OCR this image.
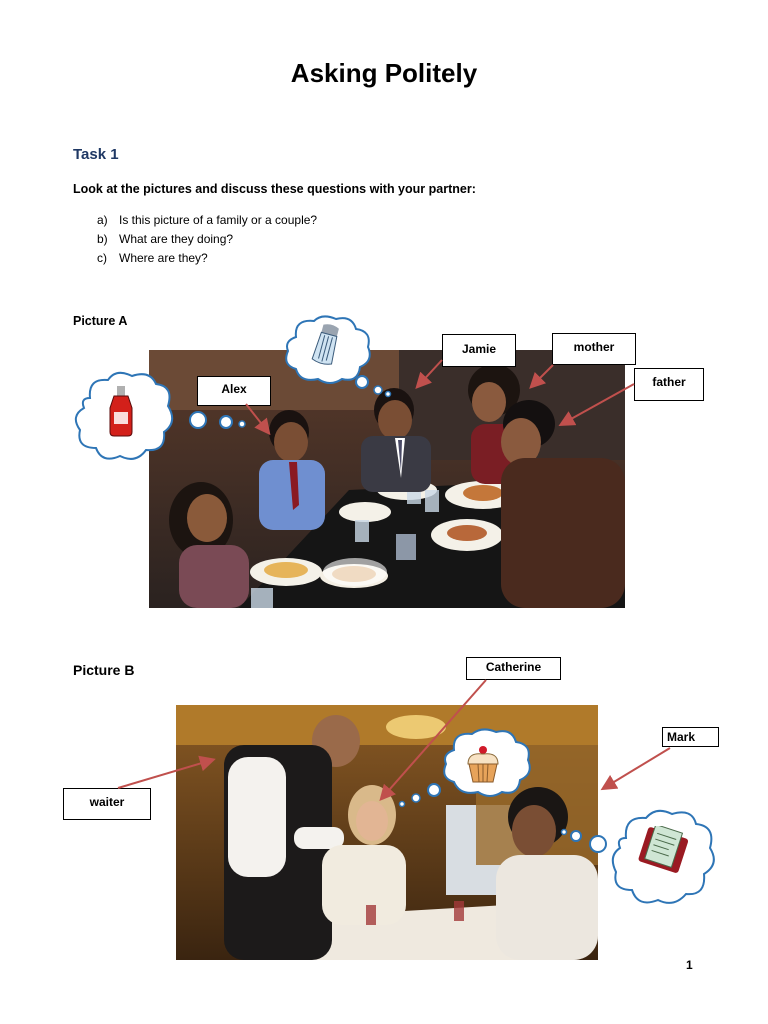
Asking Politely
Task 1
Look at the pictures and discuss these questions with your partner:
a) Is this picture of a family or a couple?
b) What are they doing?
c) Where are they?
Picture A
Alex
Jamie	mother
father
Picture B	Catherine
Mark
waiter
1
